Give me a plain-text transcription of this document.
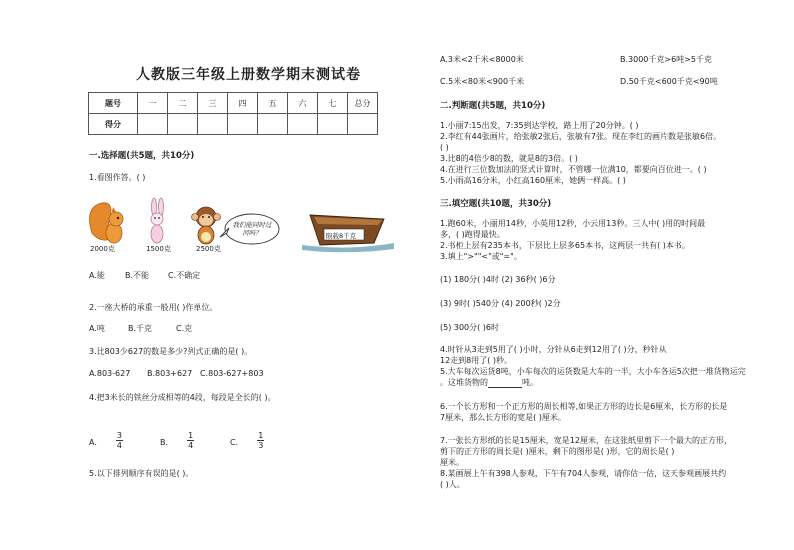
人教版三年级上册数学期末测试卷
题号	一	二	三	四	五	六	七	总分
得分								
一.选择题(共5题，共10分)
1.看图作答。( )
2000克	1500克	2500克
我们能同时过河吗？	限载8千克
A.能	B.不能 C.不确定
2.一座大桥的承重一般用( )作单位。
A.吨	B.千克	C.克
3.比803少627的数是多少?列式正确的是( )。
A.803-627 B.803+627 C.803-627+803
4.把3米长的铁丝分成相等的4段，每段是全长的( )。
A. $\frac{3}{4}$	B. $\frac{1}{4}$	C. $\frac{1}{3}$
5.以下排列顺序有误的是( )。
A.3米<2千米<8000米	B.3000千克>6吨>5千克
C.5米<80米<900千米	D.50千克<600千克<90吨
二.判断题(共5题，共10分)
1.小丽7:15出发，7:35到达学校，路上用了20分钟。( )
2.李红有44张画片，给张敏2张后，张敏有7张。现在李红的画片数是张敏6倍。
( )
3.比8的4倍少8的数，就是8的3倍。( )
4.在进行三位数加法的竖式计算时，不管哪一位满10，都要向百位进一。( )
5.小雨高16分米，小红高160厘米，她俩一样高。( )
三.填空题(共10题，共30分)
1.跑60米，小丽用14秒，小英用12秒，小云用13秒。三人中( )用的时间最
多，( )跑得最快。
2.书柜上层有235本书，下层比上层多65本书，这两层一共有( )本书。
3.填上">""<"或"="。
(1) 180分( )4时 (2) 36秒( )6分
(3) 9时( )540分 (4) 200秒( )2分
(5) 300分( )6时
4.时针从3走到5用了( )小时，分针从6走到12用了( )分，秒针从
12走到8用了( )秒。
5.大车每次运货8吨，小车每次的运货数是大车的一半，大小车各运5次把一堆货物运完
。这堆货物的	吨。
6.一个长方形和一个正方形的周长相等,如果正方形的边长是6厘米，长方形的长是
7厘米，那么长方形的宽是( )厘米。
7.一张长方形纸的长是15厘米，宽是12厘米，在这张纸里剪下一个最大的正方形，
剪下的正方形的周长是( )厘米，剩下的图形是( )形，它的周长是( )
厘米。
8.某画展上午有398人参观，下午有704人参观，请你估一估，这天参观画展共约
( )人。
